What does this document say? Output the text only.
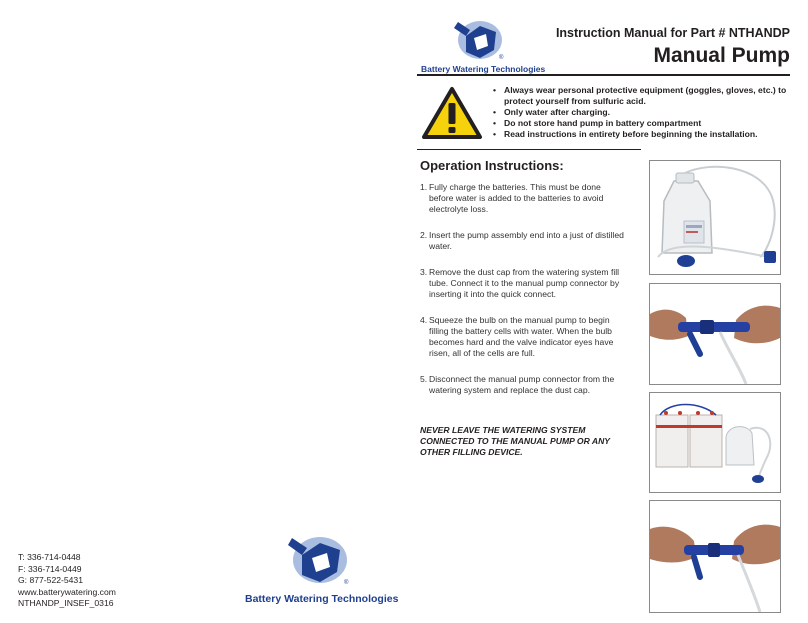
®
Battery Watering Technologies
Instruction Manual for Part # NTHANDP
Manual Pump
• Always wear personal protective equipment (goggles, gloves, etc.) to protect yourself from sulfuric acid.
• Only water after charging.
• Do not store hand pump in battery compartment
• Read instructions in entirety before beginning the installation.
Operation Instructions:
1. Fully charge the batteries. This must be done before water is added to the batteries to avoid electrolyte loss.
2. Insert the pump assembly end into a just of distilled water.
3. Remove the dust cap from the watering system fill tube. Connect it to the manual pump connector by inserting it into the quick connect.
4. Squeeze the bulb on the manual pump to begin filling the battery cells with water. When the bulb becomes hard and the valve indicator eyes have risen, all of the cells are full.
5. Disconnect the manual pump connector from the watering system and replace the dust cap.
NEVER LEAVE THE WATERING SYSTEM CONNECTED TO THE MANUAL PUMP OR ANY OTHER FILLING DEVICE.
T: 336-714-0448
F: 336-714-0449
G: 877-522-5431
www.batterywatering.com
NTHANDP_INSEF_0316
®
Battery Watering Technologies
